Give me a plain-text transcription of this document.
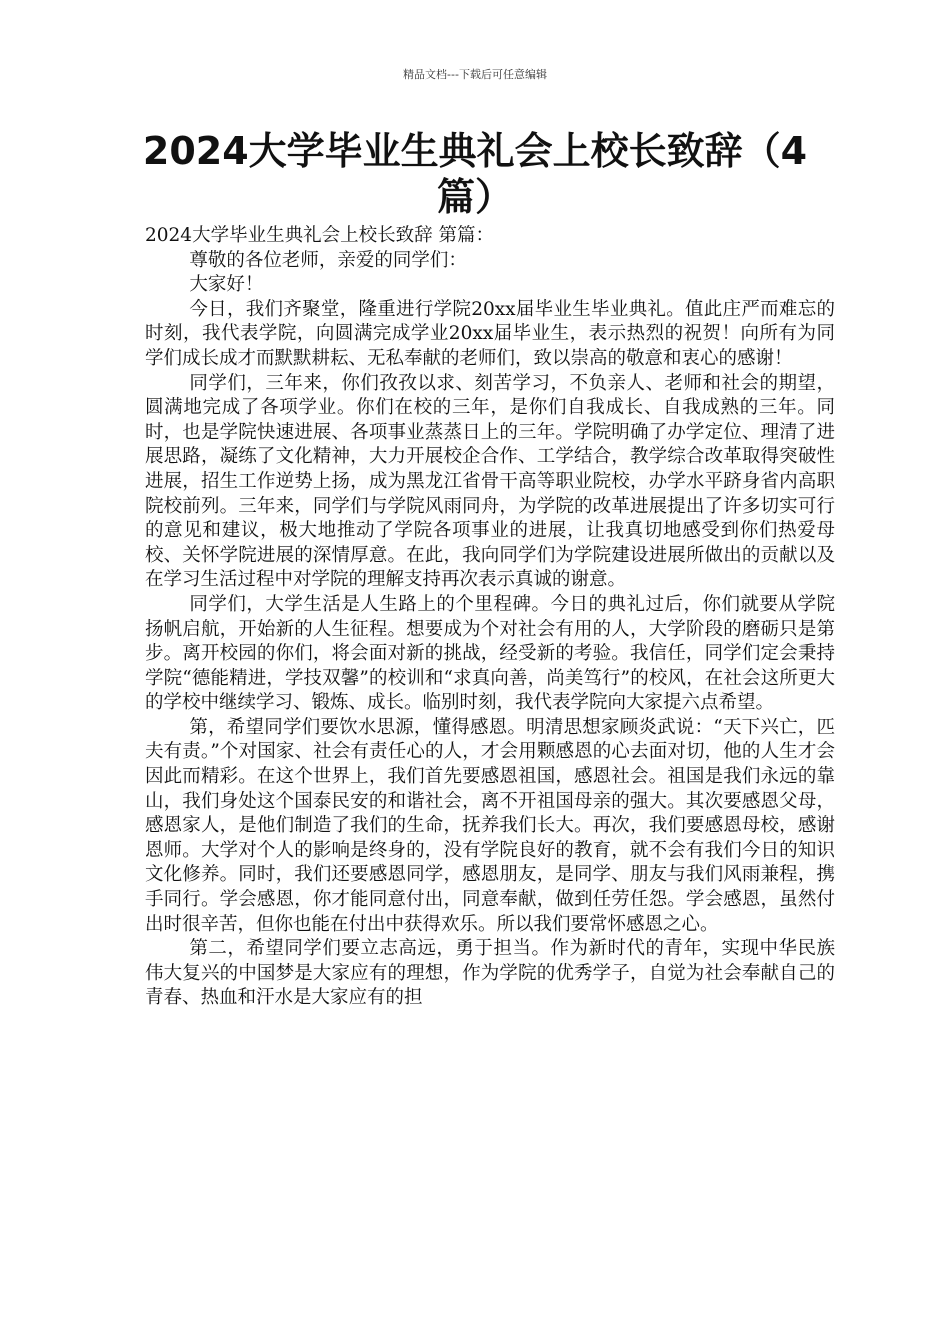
精品文档---下载后可任意编辑
2024大学毕业生典礼会上校长致辞（4篇）

2024大学毕业生典礼会上校长致辞 第篇：

尊敬的各位老师，亲爱的同学们：

大家好！

今日，我们齐聚堂，隆重进行学院20xx届毕业生毕业典礼。值此庄严而难忘的时刻，我代表学院，向圆满完成学业20xx届毕业生，表示热烈的祝贺！向所有为同学们成长成才而默默耕耘、无私奉献的老师们，致以崇高的敬意和衷心的感谢！

同学们，三年来，你们孜孜以求、刻苦学习，不负亲人、老师和社会的期望，圆满地完成了各项学业。你们在校的三年，是你们自我成长、自我成熟的三年。同时，也是学院快速进展、各项事业蒸蒸日上的三年。学院明确了办学定位、理清了进展思路，凝练了文化精神，大力开展校企合作、工学结合，教学综合改革取得突破性进展，招生工作逆势上扬，成为黑龙江省骨干高等职业院校，办学水平跻身省内高职院校前列。三年来，同学们与学院风雨同舟，为学院的改革进展提出了许多切实可行的意见和建议，极大地推动了学院各项事业的进展，让我真切地感受到你们热爱母校、关怀学院进展的深情厚意。在此，我向同学们为学院建设进展所做出的贡献以及在学习生活过程中对学院的理解支持再次表示真诚的谢意。

同学们，大学生活是人生路上的个里程碑。今日的典礼过后，你们就要从学院扬帆启航，开始新的人生征程。想要成为个对社会有用的人，大学阶段的磨砺只是第步。离开校园的你们，将会面对新的挑战，经受新的考验。我信任，同学们定会秉持学院“德能精进，学技双馨”的校训和“求真向善，尚美笃行”的校风，在社会这所更大的学校中继续学习、锻炼、成长。临别时刻，我代表学院向大家提六点希望。

第，希望同学们要饮水思源，懂得感恩。明清思想家顾炎武说：“天下兴亡，匹夫有责。”个对国家、社会有责任心的人，才会用颗感恩的心去面对切，他的人生才会因此而精彩。在这个世界上，我们首先要感恩祖国，感恩社会。祖国是我们永远的靠山，我们身处这个国泰民安的和谐社会，离不开祖国母亲的强大。其次要感恩父母，感恩家人，是他们制造了我们的生命，抚养我们长大。再次，我们要感恩母校，感谢恩师。大学对个人的影响是终身的，没有学院良好的教育，就不会有我们今日的知识文化修养。同时，我们还要感恩同学，感恩朋友，是同学、朋友与我们风雨兼程，携手同行。学会感恩，你才能同意付出，同意奉献，做到任劳任怨。学会感恩，虽然付出时很辛苦，但你也能在付出中获得欢乐。所以我们要常怀感恩之心。

第二，希望同学们要立志高远，勇于担当。作为新时代的青年，实现中华民族伟大复兴的中国梦是大家应有的理想，作为学院的优秀学子，自觉为社会奉献自己的青春、热血和汗水是大家应有的担
